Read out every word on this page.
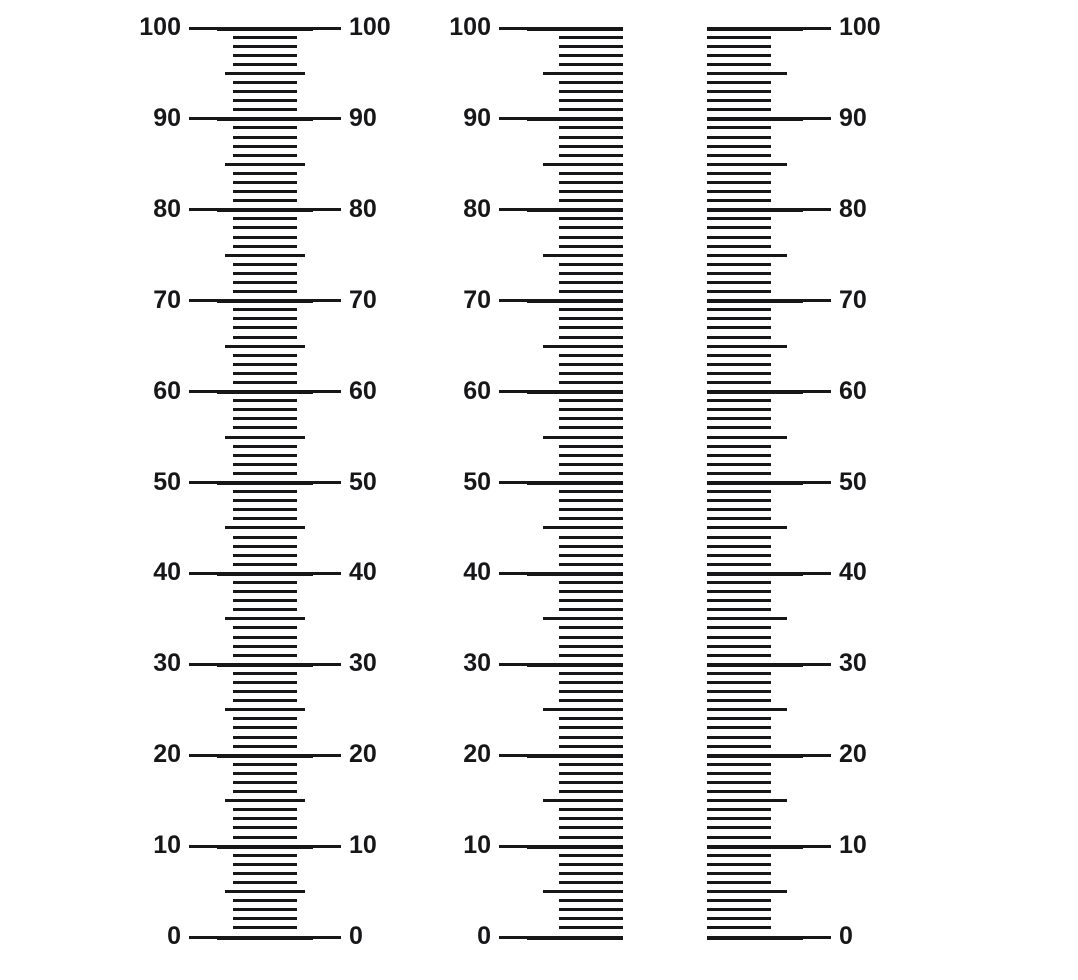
100	100
90	90
80	80
70	70
60	60
50	50
40	40
30	30
20	20
10	10
0	0
100
90
80
70
60
50
40
30
20
10
0
100
90
80
70
60
50
40
30
20
10
0
